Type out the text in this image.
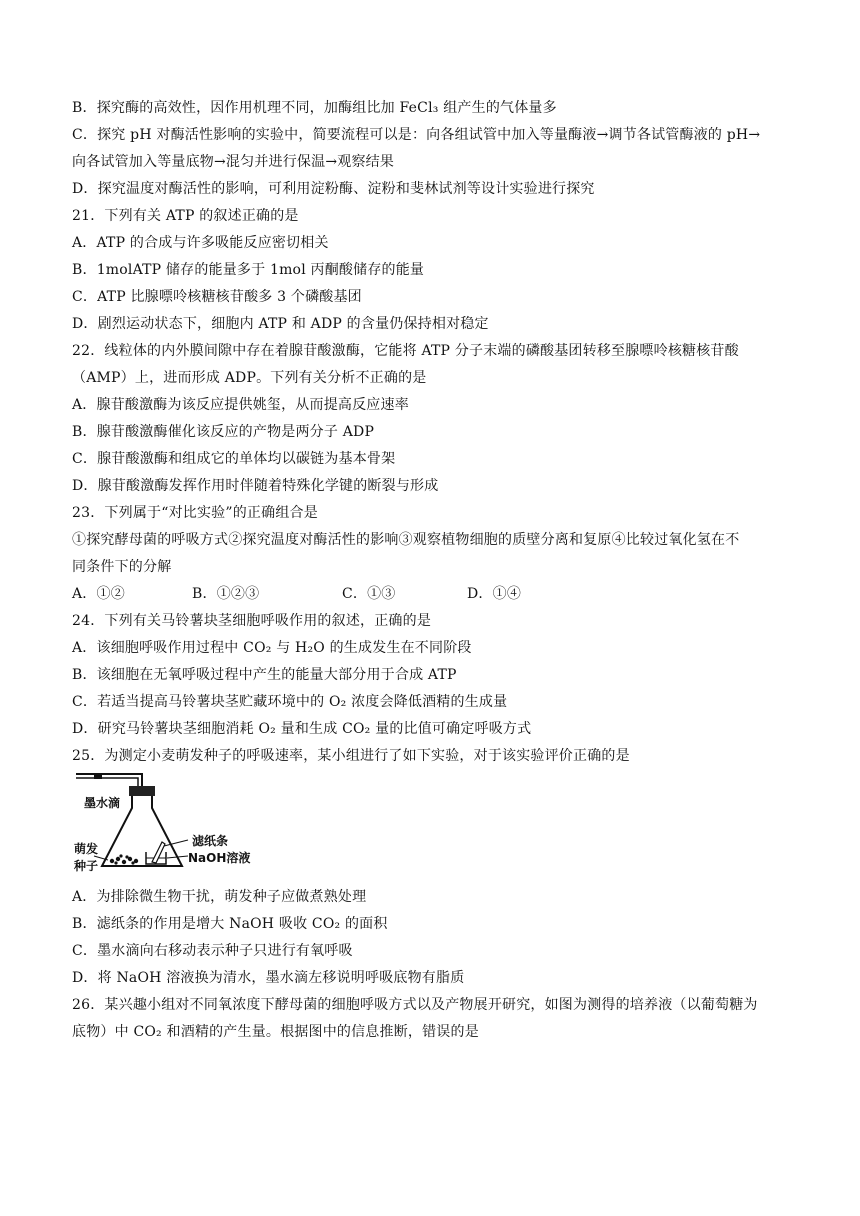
B．探究酶的高效性，因作用机理不同，加酶组比加 FeCl₃ 组产生的气体量多
C．探究 pH 对酶活性影响的实验中，简要流程可以是：向各组试管中加入等量酶液→调节各试管酶液的 pH→
向各试管加入等量底物→混匀并进行保温→观察结果
D．探究温度对酶活性的影响，可利用淀粉酶、淀粉和斐林试剂等设计实验进行探究
21．下列有关 ATP 的叙述正确的是
A．ATP 的合成与许多吸能反应密切相关
B．1molATP 储存的能量多于 1mol 丙酮酸储存的能量
C．ATP 比腺嘌呤核糖核苷酸多 3 个磷酸基团
D．剧烈运动状态下，细胞内 ATP 和 ADP 的含量仍保持相对稳定
22．线粒体的内外膜间隙中存在着腺苷酸激酶，它能将 ATP 分子末端的磷酸基团转移至腺嘌呤核糖核苷酸
（AMP）上，进而形成 ADP。下列有关分析不正确的是
A．腺苷酸激酶为该反应提供姚玺，从而提高反应速率
B．腺苷酸激酶催化该反应的产物是两分子 ADP
C．腺苷酸激酶和组成它的单体均以碳链为基本骨架
D．腺苷酸激酶发挥作用时伴随着特殊化学键的断裂与形成
23．下列属于“对比实验”的正确组合是
①探究酵母菌的呼吸方式②探究温度对酶活性的影响③观察植物细胞的质壁分离和复原④比较过氧化氢在不
同条件下的分解
A．①②	B．①②③	C．①③	D．①④
24．下列有关马铃薯块茎细胞呼吸作用的叙述，正确的是
A．该细胞呼吸作用过程中 CO₂ 与 H₂O 的生成发生在不同阶段
B．该细胞在无氧呼吸过程中产生的能量大部分用于合成 ATP
C．若适当提高马铃薯块茎贮藏环境中的 O₂ 浓度会降低酒精的生成量
D．研究马铃薯块茎细胞消耗 O₂ 量和生成 CO₂ 量的比值可确定呼吸方式
25．为测定小麦萌发种子的呼吸速率，某小组进行了如下实验，对于该实验评价正确的是
墨水滴
滤纸条
NaOH溶液
萌发
种子
A．为排除微生物干扰，萌发种子应做煮熟处理
B．滤纸条的作用是增大 NaOH 吸收 CO₂ 的面积
C．墨水滴向右移动表示种子只进行有氧呼吸
D．将 NaOH 溶液换为清水，墨水滴左移说明呼吸底物有脂质
26．某兴趣小组对不同氧浓度下酵母菌的细胞呼吸方式以及产物展开研究，如图为测得的培养液（以葡萄糖为
底物）中 CO₂ 和酒精的产生量。根据图中的信息推断，错误的是
